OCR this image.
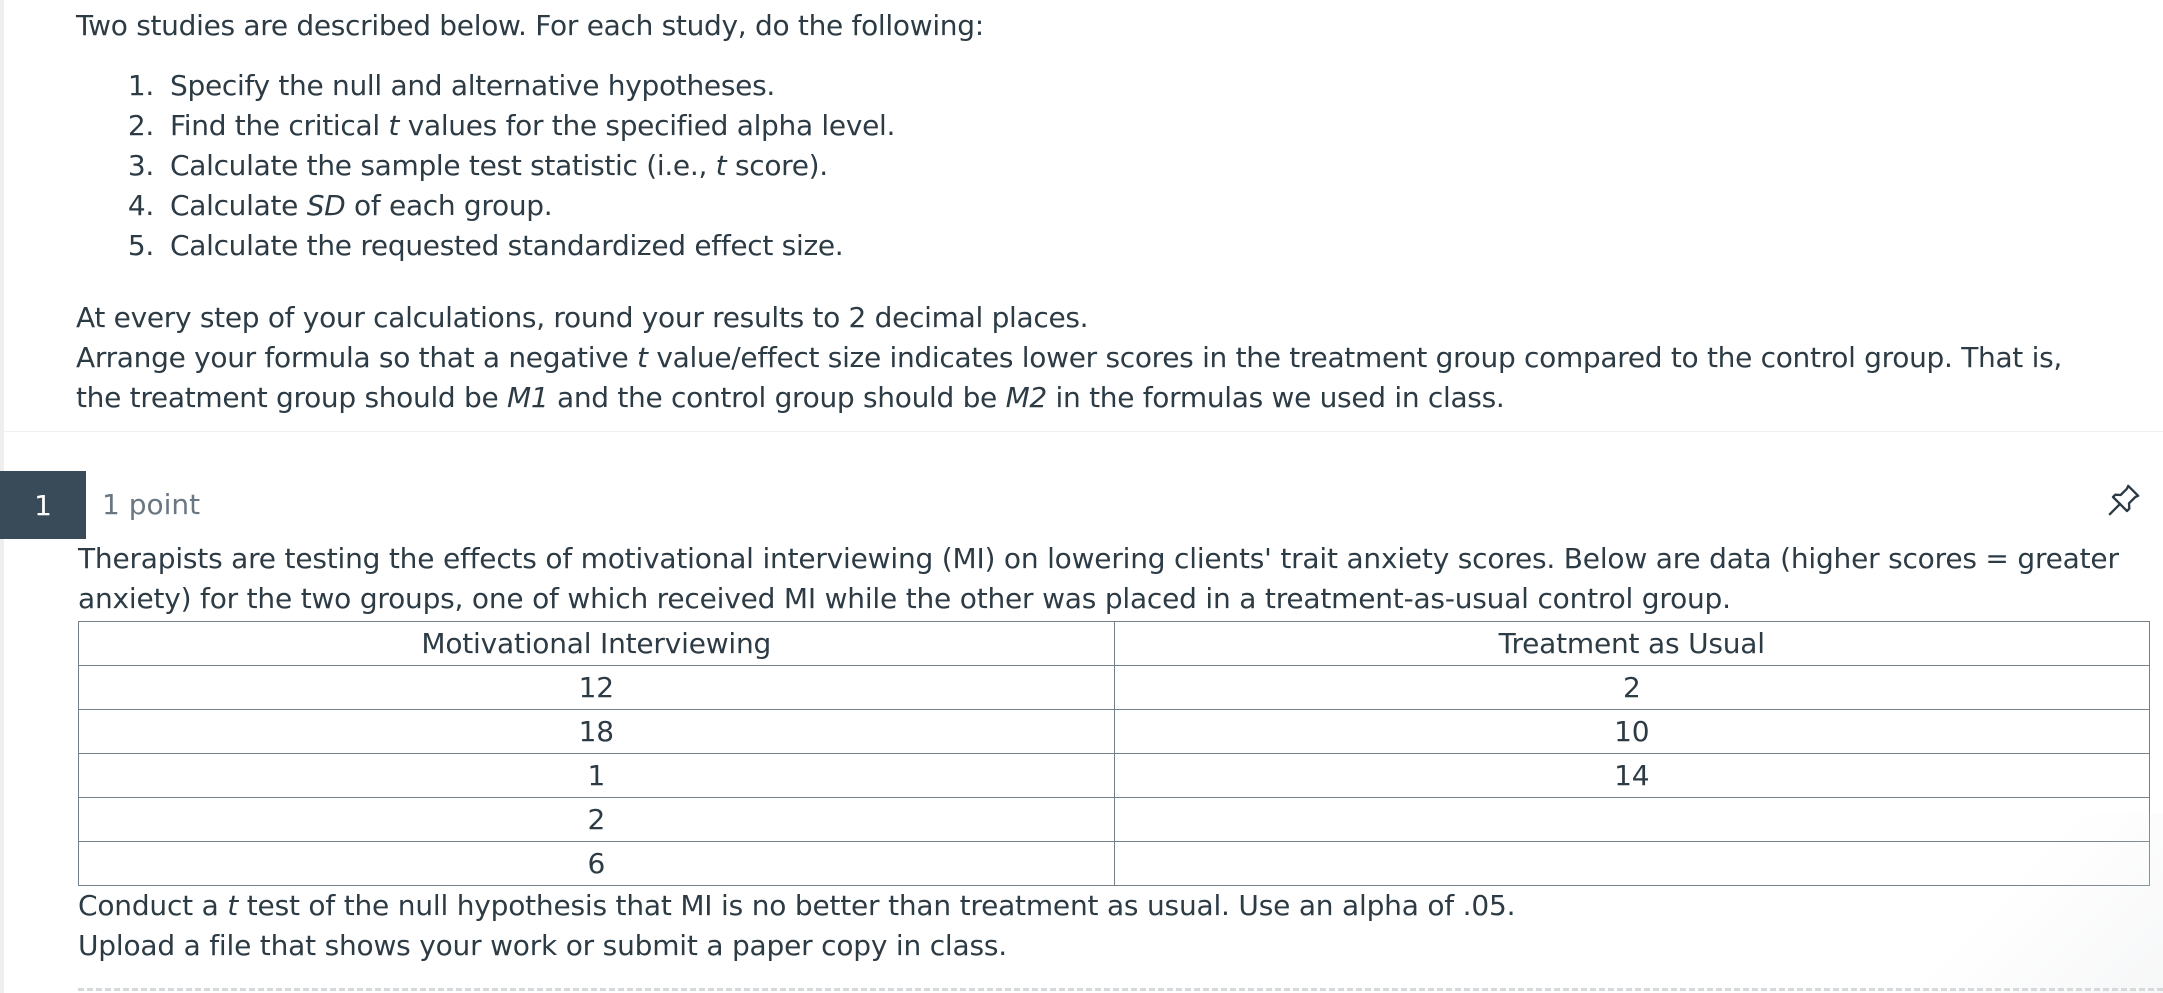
Two studies are described below. For each study, do the following:

1. Specify the null and alternative hypotheses.
2. Find the critical t values for the specified alpha level.
3. Calculate the sample test statistic (i.e., t score).
4. Calculate SD of each group.
5. Calculate the requested standardized effect size.

At every step of your calculations, round your results to 2 decimal places.

Arrange your formula so that a negative t value/effect size indicates lower scores in the treatment group compared to the control group. That is,

the treatment group should be M1 and the control group should be M2 in the formulas we used in class.

1	1 point

Therapists are testing the effects of motivational interviewing (MI) on lowering clients' trait anxiety scores. Below are data (higher scores = greater anxiety) for the two groups, one of which received MI while the other was placed in a treatment-as-usual control group.

Motivational Interviewing	Treatment as Usual
12	2
18	10
1	14
2	
6	

Conduct a t test of the null hypothesis that MI is no better than treatment as usual. Use an alpha of .05.

Upload a file that shows your work or submit a paper copy in class.
